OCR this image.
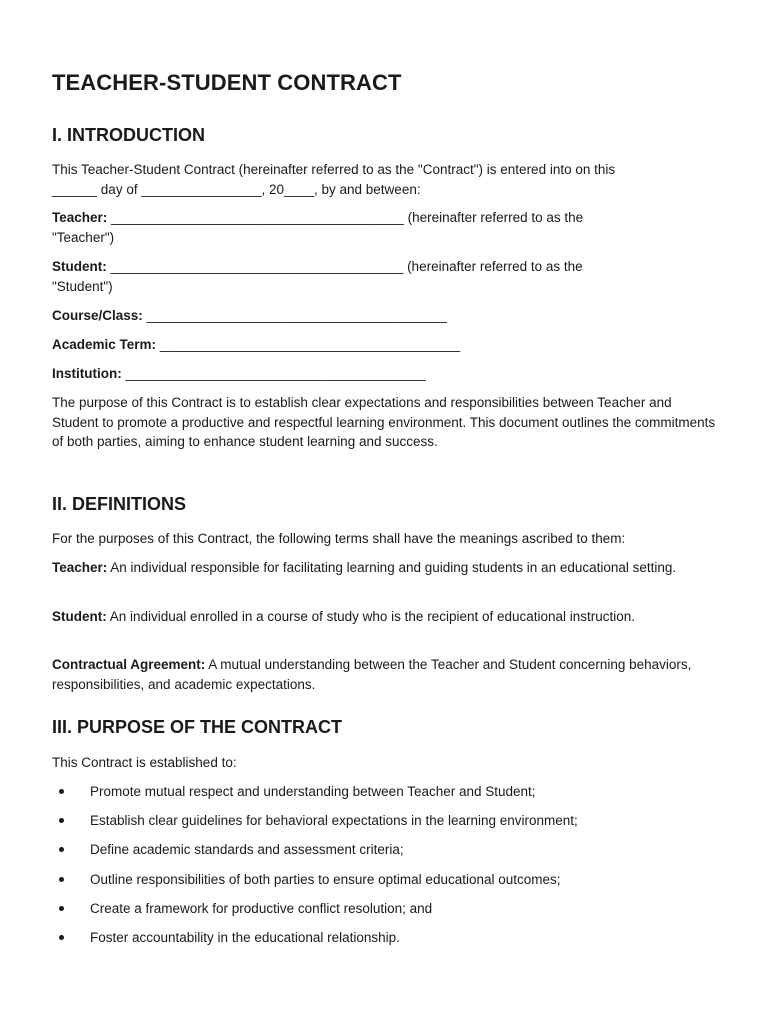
TEACHER-STUDENT CONTRACT
I. INTRODUCTION
This Teacher-Student Contract (hereinafter referred to as the "Contract") is entered into on this
______ day of ________________, 20____, by and between:
Teacher: _______________________________________ (hereinafter referred to as the
"Teacher")
Student: _______________________________________ (hereinafter referred to as the
"Student")
Course/Class: ________________________________________
Academic Term: ________________________________________
Institution: ________________________________________

The purpose of this Contract is to establish clear expectations and responsibilities between Teacher and Student to promote a productive and respectful learning environment. This document outlines the commitments of both parties, aiming to enhance student learning and success.

II. DEFINITIONS

For the purposes of this Contract, the following terms shall have the meanings ascribed to them:

Teacher: An individual responsible for facilitating learning and guiding students in an educational setting.

Student: An individual enrolled in a course of study who is the recipient of educational instruction.

Contractual Agreement: A mutual understanding between the Teacher and Student concerning behaviors, responsibilities, and academic expectations.

III. PURPOSE OF THE CONTRACT

This Contract is established to:

Promote mutual respect and understanding between Teacher and Student;
Establish clear guidelines for behavioral expectations in the learning environment;
Define academic standards and assessment criteria;
Outline responsibilities of both parties to ensure optimal educational outcomes;
Create a framework for productive conflict resolution; and
Foster accountability in the educational relationship.
